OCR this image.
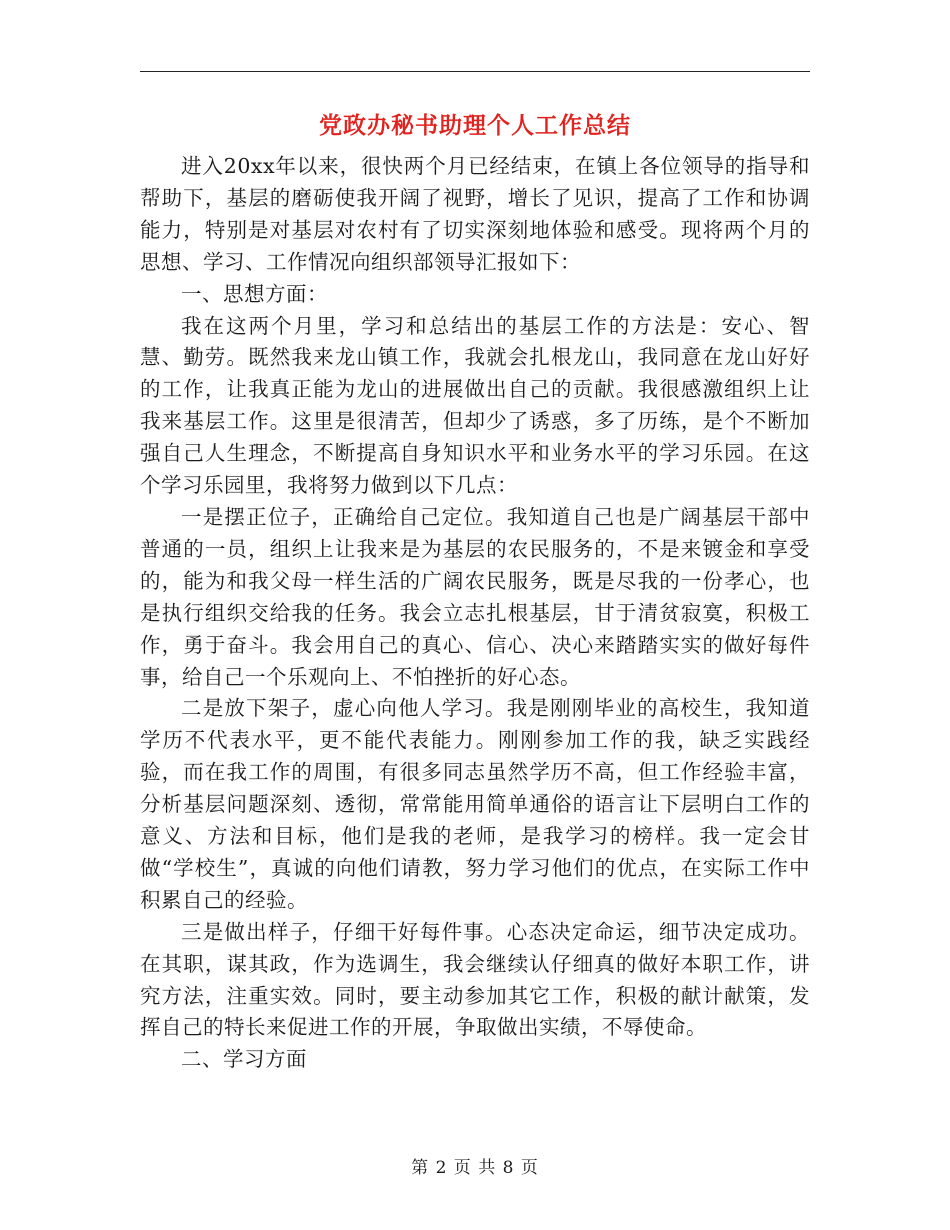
党政办秘书助理个人工作总结

进入20xx年以来，很快两个月已经结束，在镇上各位领导的指导和帮助下，基层的磨砺使我开阔了视野，增长了见识，提高了工作和协调能力，特别是对基层对农村有了切实深刻地体验和感受。现将两个月的思想、学习、工作情况向组织部领导汇报如下：

一、思想方面：

我在这两个月里，学习和总结出的基层工作的方法是：安心、智慧、勤劳。既然我来龙山镇工作，我就会扎根龙山，我同意在龙山好好的工作，让我真正能为龙山的进展做出自己的贡献。我很感激组织上让我来基层工作。这里是很清苦，但却少了诱惑，多了历练，是个不断加强自己人生理念，不断提高自身知识水平和业务水平的学习乐园。在这个学习乐园里，我将努力做到以下几点：

一是摆正位子，正确给自己定位。我知道自己也是广阔基层干部中普通的一员，组织上让我来是为基层的农民服务的，不是来镀金和享受的，能为和我父母一样生活的广阔农民服务，既是尽我的一份孝心，也是执行组织交给我的任务。我会立志扎根基层，甘于清贫寂寞，积极工作，勇于奋斗。我会用自己的真心、信心、决心来踏踏实实的做好每件事，给自己一个乐观向上、不怕挫折的好心态。

二是放下架子，虚心向他人学习。我是刚刚毕业的高校生，我知道学历不代表水平，更不能代表能力。刚刚参加工作的我，缺乏实践经验，而在我工作的周围，有很多同志虽然学历不高，但工作经验丰富，分析基层问题深刻、透彻，常常能用简单通俗的语言让下层明白工作的意义、方法和目标，他们是我的老师，是我学习的榜样。我一定会甘做“学校生”，真诚的向他们请教，努力学习他们的优点，在实际工作中积累自己的经验。

三是做出样子，仔细干好每件事。心态决定命运，细节决定成功。在其职，谋其政，作为选调生，我会继续认仔细真的做好本职工作，讲究方法，注重实效。同时，要主动参加其它工作，积极的献计献策，发挥自己的特长来促进工作的开展，争取做出实绩，不辱使命。

二、学习方面

第 2 页 共 8 页
